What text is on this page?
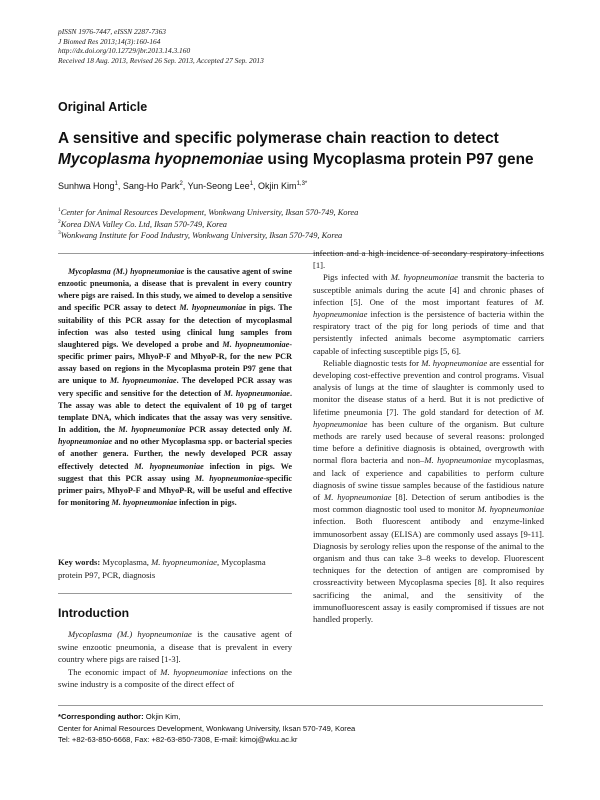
pISSN 1976-7447, eISSN 2287-7363
J Biomed Res 2013;14(3):160-164
http://dx.doi.org/10.12729/jbr.2013.14.3.160
Received 18 Aug. 2013, Revised 26 Sep. 2013, Accepted 27 Sep. 2013
Original Article
A sensitive and specific polymerase chain reaction to detect Mycoplasma hyopnemoniae using Mycoplasma protein P97 gene
Sunhwa Hong$^1$, Sang-Ho Park$^2$, Yun-Seong Lee$^1$, Okjin Kim$^{1,3*}$
$^1$Center for Animal Resources Development, Wonkwang University, Iksan 570-749, Korea
$^2$Korea DNA Valley Co. Ltd, Iksan 570-749, Korea
$^3$Wonkwang Institute for Food Industry, Wonkwang University, Iksan 570-749, Korea
Mycoplasma (M.) hyopneumoniae is the causative agent of swine enzootic pneumonia, a disease that is prevalent in every country where pigs are raised. In this study, we aimed to develop a sensitive and specific PCR assay to detect M. hyopneumoniae in pigs. The suitability of this PCR assay for the detection of mycoplasmal infection was also tested using clinical lung samples from slaughtered pigs. We developed a probe and M. hyopneumoniae-specific primer pairs, MhyoP-F and MhyoP-R, for the new PCR assay based on regions in the Mycoplasma protein P97 gene that are unique to M. hyopneumoniae. The developed PCR assay was very specific and sensitive for the detection of M. hyopneumoniae. The assay was able to detect the equivalent of 10 pg of target template DNA, which indicates that the assay was very sensitive. In addition, the M. hyopneumoniae PCR assay detected only M. hyopneumoniae and no other Mycoplasma spp. or bacterial species of another genera. Further, the newly developed PCR assay effectively detected M. hyopneumoniae infection in pigs. We suggest that this PCR assay using M. hyopneumoniae-specific primer pairs, MhyoP-F and MhyoP-R, will be useful and effective for monitoring M. hyopneumoniae infection in pigs.
Key words: Mycoplasma, M. hyopneumoniae, Mycoplasma protein P97, PCR, diagnosis
Introduction

Mycoplasma (M.) hyopneumoniae is the causative agent of swine enzootic pneumonia, a disease that is prevalent in every country where pigs are raised [1-3].

The economic impact of M. hyopneumoniae infections on the swine industry is a composite of the direct effect of

infection and a high incidence of secondary respiratory infections [1].

Pigs infected with M. hyopneumoniae transmit the bacteria to susceptible animals during the acute [4] and chronic phases of infection [5]. One of the most important features of M. hyopneumoniae infection is the persistence of bacteria within the respiratory tract of the pig for long periods of time and that persistently infected animals become asymptomatic carriers capable of infecting susceptible pigs [5, 6].

Reliable diagnostic tests for M. hyopneumoniae are essential for developing cost-effective prevention and control programs. Visual analysis of lungs at the time of slaughter is commonly used to monitor the disease status of a herd. But it is not predictive of lifetime pneumonia [7]. The gold standard for detection of M. hyopneumoniae has been culture of the organism. But culture methods are rarely used because of several reasons: prolonged time before a definitive diagnosis is obtained, overgrowth with normal flora bacteria and non–M. hyopneumoniae mycoplasmas, and lack of experience and capabilities to perform culture diagnosis of swine tissue samples because of the fastidious nature of M. hyopneumoniae [8]. Detection of serum antibodies is the most common diagnostic tool used to monitor M. hyopneumoniae infection. Both fluorescent antibody and enzyme-linked immunosorbent assay (ELISA) are commonly used assays [9-11]. Diagnosis by serology relies upon the response of the animal to the organism and thus can take 3–8 weeks to develop. Fluorescent techniques for the detection of antigen are compromised by crossreactivity between Mycoplasma species [8]. It also requires sacrificing the animal, and the sensitivity of the immunofluorescent assay is easily compromised if tissues are not handled properly.

*Corresponding author: Okjin Kim,
Center for Animal Resources Development, Wonkwang University, Iksan 570-749, Korea
Tel: +82-63-850-6668, Fax: +82-63-850-7308, E-mail: kimoj@wku.ac.kr
